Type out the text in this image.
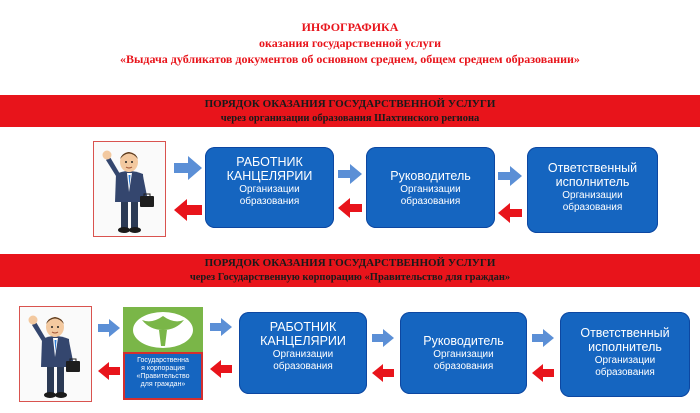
ИНФОГРАФИКА
оказания государственной услуги
«Выдача дубликатов документов об основном среднем, общем среднем образовании»
ПОРЯДОК ОКАЗАНИЯ ГОСУДАРСТВЕННОЙ УСЛУГИ
через организации образования Шахтинского региона
РАБОТНИК
КАНЦЕЛЯРИИ
Организации
образования
Руководитель
Организации
образования
Ответственный
исполнитель
Организации
образования
ПОРЯДОК ОКАЗАНИЯ ГОСУДАРСТВЕННОЙ УСЛУГИ
через Государственную корпорацию «Правительство для граждан»
Государственна
я корпорация
«Правительство
для граждан»
РАБОТНИК
КАНЦЕЛЯРИИ
Организации
образования
Руководитель
Организации
образования
Ответственный
исполнитель
Организации
образования
